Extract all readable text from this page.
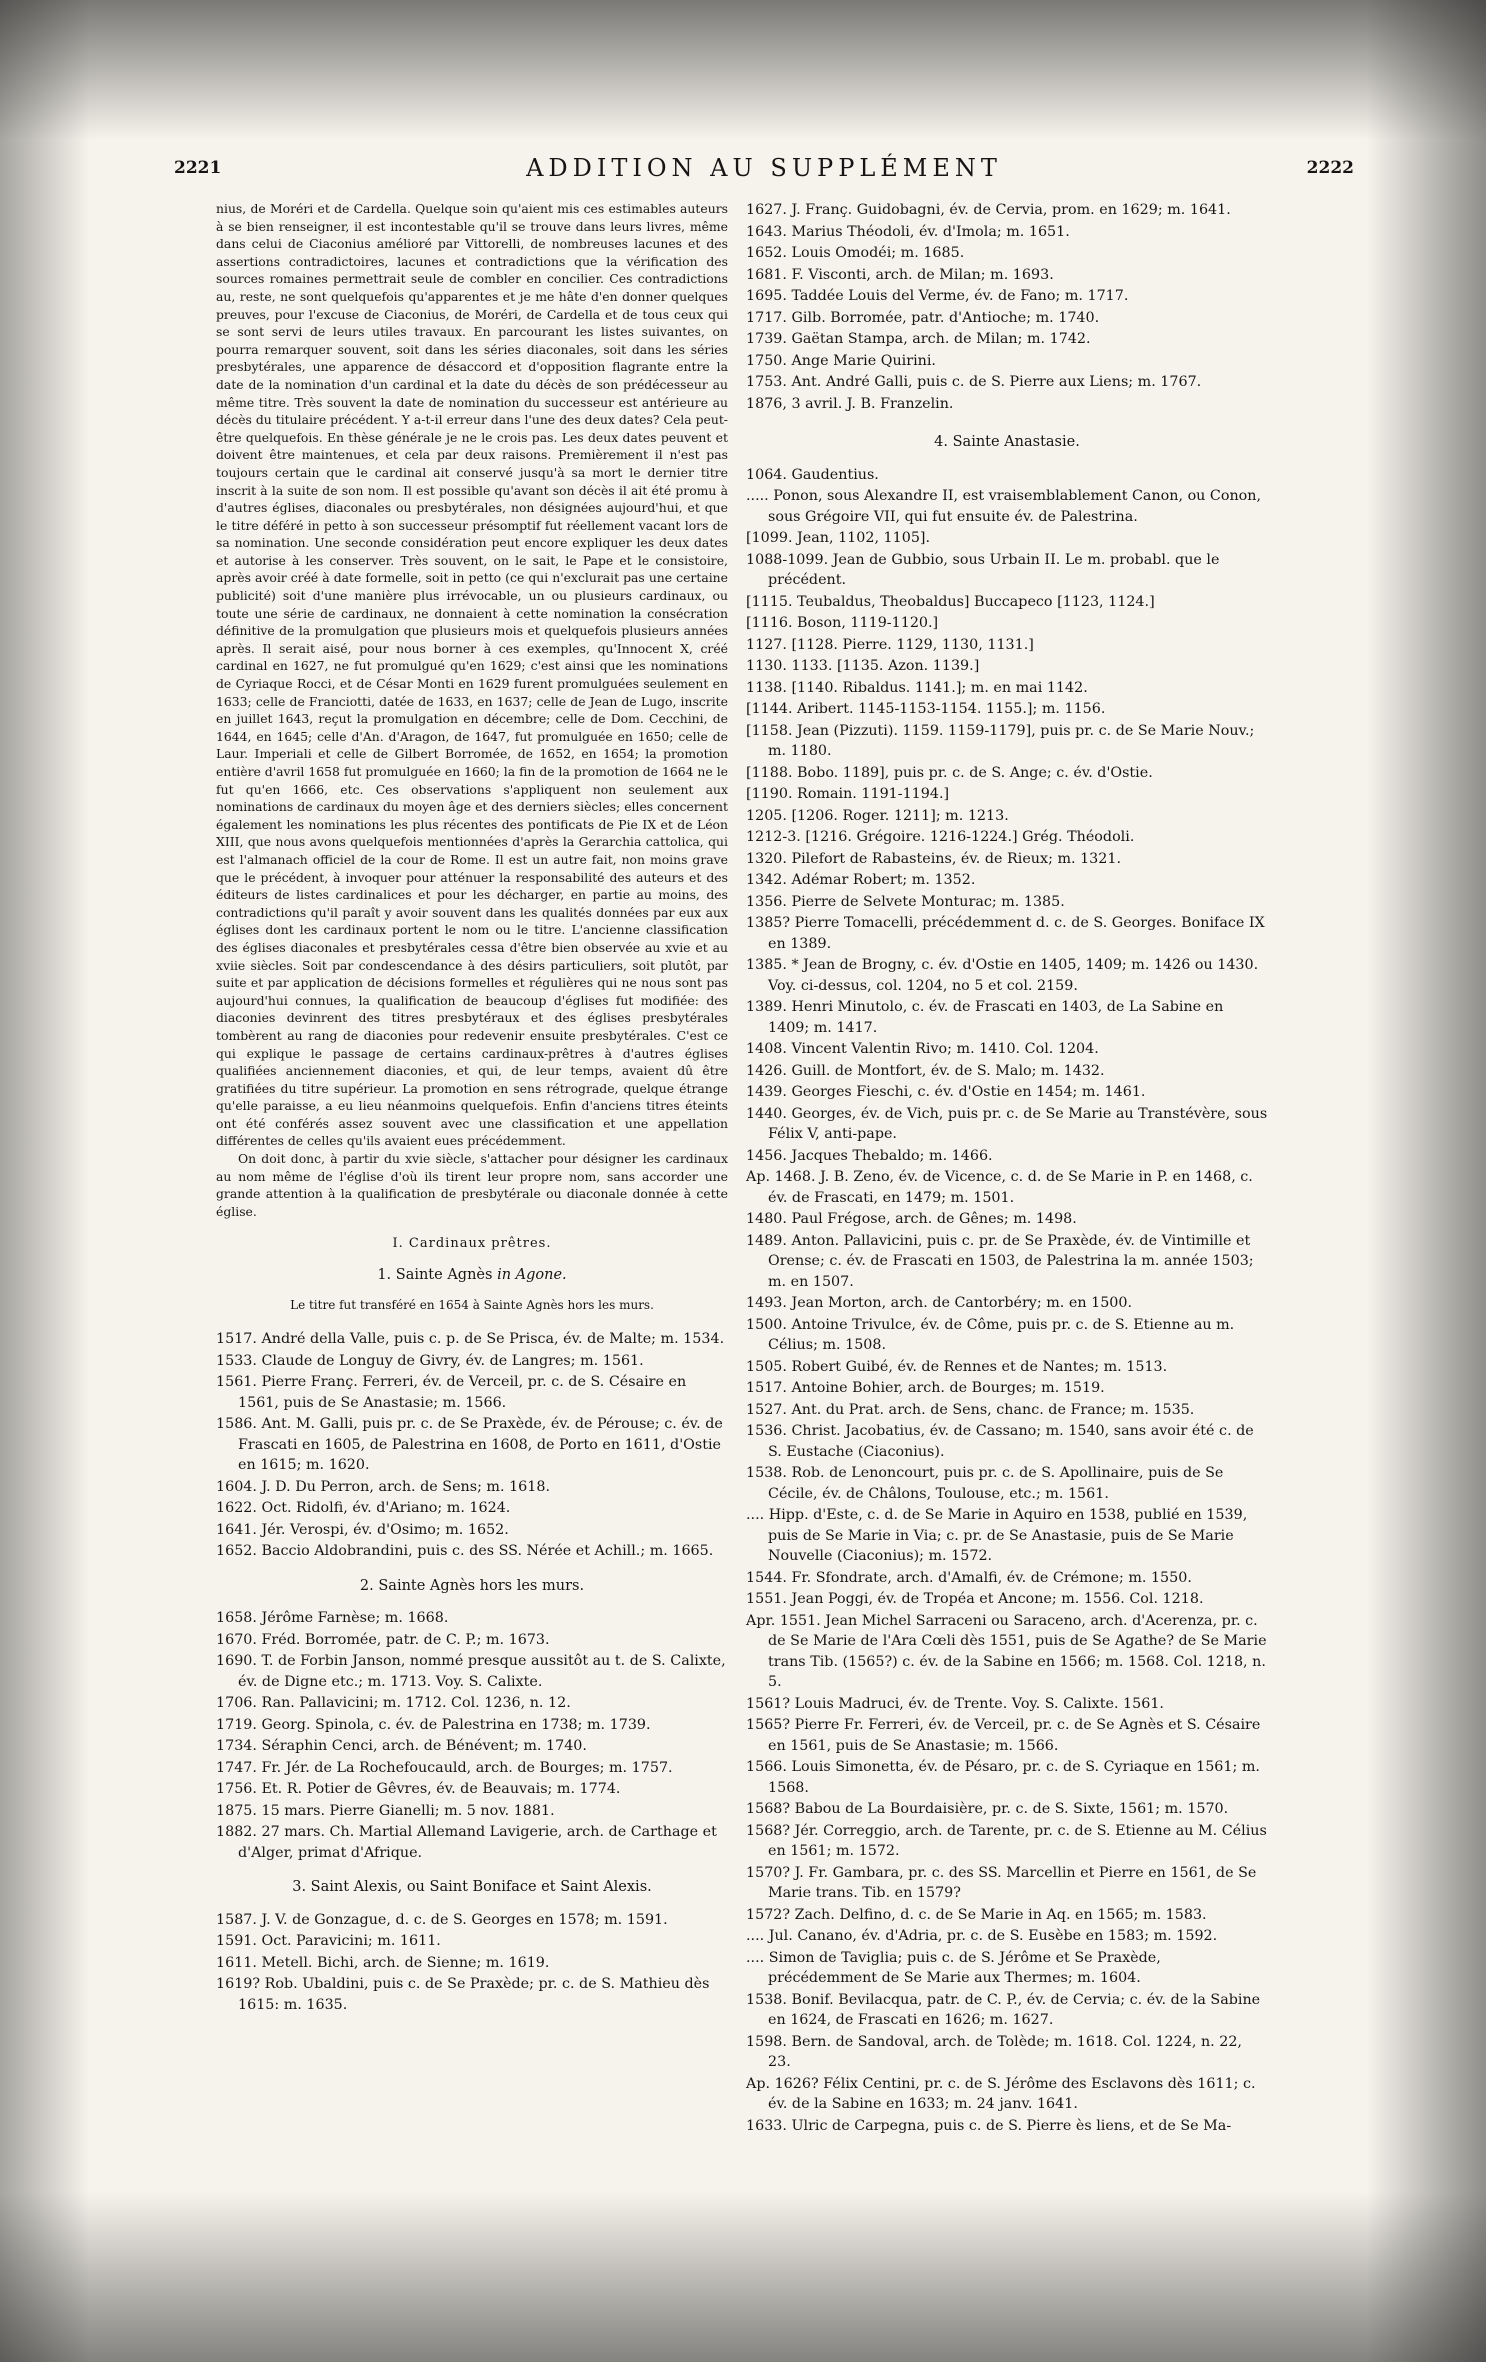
2221	ADDITION AU SUPPLÉMENT	2222

nius, de Moréri et de Cardella. Quelque soin qu'aient mis ces estimables auteurs à se bien renseigner, il est incontestable qu'il se trouve dans leurs livres, même dans celui de Ciaconius amélioré par Vittorelli, de nombreuses lacunes et des assertions contradictoires, lacunes et contradictions que la vérification des sources romaines permettrait seule de combler en concilier. Ces contradictions au, reste, ne sont quelquefois qu'apparentes et je me hâte d'en donner quelques preuves, pour l'excuse de Ciaconius, de Moréri, de Cardella et de tous ceux qui se sont servi de leurs utiles travaux. En parcourant les listes suivantes, on pourra remarquer souvent, soit dans les séries diaconales, soit dans les séries presbytérales, une apparence de désaccord et d'opposition flagrante entre la date de la nomination d'un cardinal et la date du décès de son prédécesseur au même titre. Très souvent la date de nomination du successeur est antérieure au décès du titulaire précédent. Y a-t-il erreur dans l'une des deux dates? Cela peut-être quelquefois. En thèse générale je ne le crois pas. Les deux dates peuvent et doivent être maintenues, et cela par deux raisons. Premièrement il n'est pas toujours certain que le cardinal ait conservé jusqu'à sa mort le dernier titre inscrit à la suite de son nom. Il est possible qu'avant son décès il ait été promu à d'autres églises, diaconales ou presbytérales, non désignées aujourd'hui, et que le titre déféré in petto à son successeur présomptif fut réellement vacant lors de sa nomination. Une seconde considération peut encore expliquer les deux dates et autorise à les conserver. Très souvent, on le sait, le Pape et le consistoire, après avoir créé à date formelle, soit in petto (ce qui n'exclurait pas une certaine publicité) soit d'une manière plus irrévocable, un ou plusieurs cardinaux, ou toute une série de cardinaux, ne donnaient à cette nomination la consécration définitive de la promulgation que plusieurs mois et quelquefois plusieurs années après. Il serait aisé, pour nous borner à ces exemples, qu'Innocent X, créé cardinal en 1627, ne fut promulgué qu'en 1629; c'est ainsi que les nominations de Cyriaque Rocci, et de César Monti en 1629 furent promulguées seulement en 1633; celle de Franciotti, datée de 1633, en 1637; celle de Jean de Lugo, inscrite en juillet 1643, reçut la promulgation en décembre; celle de Dom. Cecchini, de 1644, en 1645; celle d'An. d'Aragon, de 1647, fut promulguée en 1650; celle de Laur. Imperiali et celle de Gilbert Borromée, de 1652, en 1654; la promotion entière d'avril 1658 fut promulguée en 1660; la fin de la promotion de 1664 ne le fut qu'en 1666, etc. Ces observations s'appliquent non seulement aux nominations de cardinaux du moyen âge et des derniers siècles; elles concernent également les nominations les plus récentes des pontificats de Pie IX et de Léon XIII, que nous avons quelquefois mentionnées d'après la Gerarchia cattolica, qui est l'almanach officiel de la cour de Rome. Il est un autre fait, non moins grave que le précédent, à invoquer pour atténuer la responsabilité des auteurs et des éditeurs de listes cardinalices et pour les décharger, en partie au moins, des contradictions qu'il paraît y avoir souvent dans les qualités données par eux aux églises dont les cardinaux portent le nom ou le titre. L'ancienne classification des églises diaconales et presbytérales cessa d'être bien observée au xvie et au xviie siècles. Soit par condescendance à des désirs particuliers, soit plutôt, par suite et par application de décisions formelles et régulières qui ne nous sont pas aujourd'hui connues, la qualification de beaucoup d'églises fut modifiée: des diaconies devinrent des titres presbytéraux et des églises presbytérales tombèrent au rang de diaconies pour redevenir ensuite presbytérales. C'est ce qui explique le passage de certains cardinaux-prêtres à d'autres églises qualifiées anciennement diaconies, et qui, de leur temps, avaient dû être gratifiées du titre supérieur. La promotion en sens rétrograde, quelque étrange qu'elle paraisse, a eu lieu néanmoins quelquefois. Enfin d'anciens titres éteints ont été conférés assez souvent avec une classification et une appellation différentes de celles qu'ils avaient eues précédemment.

On doit donc, à partir du xvie siècle, s'attacher pour désigner les cardinaux au nom même de l'église d'où ils tirent leur propre nom, sans accorder une grande attention à la qualification de presbytérale ou diaconale donnée à cette église.

I. Cardinaux prêtres.
1. Sainte Agnès in Agone.
Le titre fut transféré en 1654 à Sainte Agnès hors les murs.

1517. André della Valle, puis c. p. de Se Prisca, év. de Malte; m. 1534.

1533. Claude de Longuy de Givry, év. de Langres; m. 1561.

1561. Pierre Franç. Ferreri, év. de Verceil, pr. c. de S. Césaire en 1561, puis de Se Anastasie; m. 1566.

1586. Ant. M. Galli, puis pr. c. de Se Praxède, év. de Pérouse; c. év. de Frascati en 1605, de Palestrina en 1608, de Porto en 1611, d'Ostie en 1615; m. 1620.

1604. J. D. Du Perron, arch. de Sens; m. 1618.

1622. Oct. Ridolfi, év. d'Ariano; m. 1624.

1641. Jér. Verospi, év. d'Osimo; m. 1652.

1652. Baccio Aldobrandini, puis c. des SS. Nérée et Achill.; m. 1665.

2. Sainte Agnès hors les murs.

1658. Jérôme Farnèse; m. 1668.

1670. Fréd. Borromée, patr. de C. P.; m. 1673.

1690. T. de Forbin Janson, nommé presque aussitôt au t. de S. Calixte, év. de Digne etc.; m. 1713. Voy. S. Calixte.

1706. Ran. Pallavicini; m. 1712. Col. 1236, n. 12.

1719. Georg. Spinola, c. év. de Palestrina en 1738; m. 1739.

1734. Séraphin Cenci, arch. de Bénévent; m. 1740.

1747. Fr. Jér. de La Rochefoucauld, arch. de Bourges; m. 1757.

1756. Et. R. Potier de Gêvres, év. de Beauvais; m. 1774.

1875. 15 mars. Pierre Gianelli; m. 5 nov. 1881.

1882. 27 mars. Ch. Martial Allemand Lavigerie, arch. de Carthage et d'Alger, primat d'Afrique.

3. Saint Alexis, ou Saint Boniface et Saint Alexis.

1587. J. V. de Gonzague, d. c. de S. Georges en 1578; m. 1591.

1591. Oct. Paravicini; m. 1611.

1611. Metell. Bichi, arch. de Sienne; m. 1619.

1619? Rob. Ubaldini, puis c. de Se Praxède; pr. c. de S. Mathieu dès 1615: m. 1635.

1627. J. Franç. Guidobagni, év. de Cervia, prom. en 1629; m. 1641.

1643. Marius Théodoli, év. d'Imola; m. 1651.

1652. Louis Omodéi; m. 1685.

1681. F. Visconti, arch. de Milan; m. 1693.

1695. Taddée Louis del Verme, év. de Fano; m. 1717.

1717. Gilb. Borromée, patr. d'Antioche; m. 1740.

1739. Gaëtan Stampa, arch. de Milan; m. 1742.

1750. Ange Marie Quirini.

1753. Ant. André Galli, puis c. de S. Pierre aux Liens; m. 1767.

1876, 3 avril. J. B. Franzelin.

4. Sainte Anastasie.

1064. Gaudentius.

..... Ponon, sous Alexandre II, est vraisemblablement Canon, ou Conon, sous Grégoire VII, qui fut ensuite év. de Palestrina.

[1099. Jean, 1102, 1105].

1088-1099. Jean de Gubbio, sous Urbain II. Le m. probabl. que le précédent.

[1115. Teubaldus, Theobaldus] Buccapeco [1123, 1124.]

[1116. Boson, 1119-1120.]

1127. [1128. Pierre. 1129, 1130, 1131.]

1130. 1133. [1135. Azon. 1139.]

1138. [1140. Ribaldus. 1141.]; m. en mai 1142.

[1144. Aribert. 1145-1153-1154. 1155.]; m. 1156.

[1158. Jean (Pizzuti). 1159. 1159-1179], puis pr. c. de Se Marie Nouv.; m. 1180.

[1188. Bobo. 1189], puis pr. c. de S. Ange; c. év. d'Ostie.

[1190. Romain. 1191-1194.]

1205. [1206. Roger. 1211]; m. 1213.

1212-3. [1216. Grégoire. 1216-1224.] Grég. Théodoli.

1320. Pilefort de Rabasteins, év. de Rieux; m. 1321.

1342. Adémar Robert; m. 1352.

1356. Pierre de Selvete Monturac; m. 1385.

1385? Pierre Tomacelli, précédemment d. c. de S. Georges. Boniface IX en 1389.

1385. * Jean de Brogny, c. év. d'Ostie en 1405, 1409; m. 1426 ou 1430. Voy. ci-dessus, col. 1204, no 5 et col. 2159.

1389. Henri Minutolo, c. év. de Frascati en 1403, de La Sabine en 1409; m. 1417.

1408. Vincent Valentin Rivo; m. 1410. Col. 1204.

1426. Guill. de Montfort, év. de S. Malo; m. 1432.

1439. Georges Fieschi, c. év. d'Ostie en 1454; m. 1461.

1440. Georges, év. de Vich, puis pr. c. de Se Marie au Transtévère, sous Félix V, anti-pape.

1456. Jacques Thebaldo; m. 1466.

Ap. 1468. J. B. Zeno, év. de Vicence, c. d. de Se Marie in P. en 1468, c. év. de Frascati, en 1479; m. 1501.

1480. Paul Frégose, arch. de Gênes; m. 1498.

1489. Anton. Pallavicini, puis c. pr. de Se Praxède, év. de Vintimille et Orense; c. év. de Frascati en 1503, de Palestrina la m. année 1503; m. en 1507.

1493. Jean Morton, arch. de Cantorbéry; m. en 1500.

1500. Antoine Trivulce, év. de Côme, puis pr. c. de S. Etienne au m. Célius; m. 1508.

1505. Robert Guibé, év. de Rennes et de Nantes; m. 1513.

1517. Antoine Bohier, arch. de Bourges; m. 1519.

1527. Ant. du Prat. arch. de Sens, chanc. de France; m. 1535.

1536. Christ. Jacobatius, év. de Cassano; m. 1540, sans avoir été c. de S. Eustache (Ciaconius).

1538. Rob. de Lenoncourt, puis pr. c. de S. Apollinaire, puis de Se Cécile, év. de Châlons, Toulouse, etc.; m. 1561.

.... Hipp. d'Este, c. d. de Se Marie in Aquiro en 1538, publié en 1539, puis de Se Marie in Via; c. pr. de Se Anastasie, puis de Se Marie Nouvelle (Ciaconius); m. 1572.

1544. Fr. Sfondrate, arch. d'Amalfi, év. de Crémone; m. 1550.

1551. Jean Poggi, év. de Tropéa et Ancone; m. 1556. Col. 1218.

Apr. 1551. Jean Michel Sarraceni ou Saraceno, arch. d'Acerenza, pr. c. de Se Marie de l'Ara Cœli dès 1551, puis de Se Agathe? de Se Marie trans Tib. (1565?) c. év. de la Sabine en 1566; m. 1568. Col. 1218, n. 5.

1561? Louis Madruci, év. de Trente. Voy. S. Calixte. 1561.

1565? Pierre Fr. Ferreri, év. de Verceil, pr. c. de Se Agnès et S. Césaire en 1561, puis de Se Anastasie; m. 1566.

1566. Louis Simonetta, év. de Pésaro, pr. c. de S. Cyriaque en 1561; m. 1568.

1568? Babou de La Bourdaisière, pr. c. de S. Sixte, 1561; m. 1570.

1568? Jér. Correggio, arch. de Tarente, pr. c. de S. Etienne au M. Célius en 1561; m. 1572.

1570? J. Fr. Gambara, pr. c. des SS. Marcellin et Pierre en 1561, de Se Marie trans. Tib. en 1579?

1572? Zach. Delfino, d. c. de Se Marie in Aq. en 1565; m. 1583.

.... Jul. Canano, év. d'Adria, pr. c. de S. Eusèbe en 1583; m. 1592.

.... Simon de Taviglia; puis c. de S. Jérôme et Se Praxède, précédemment de Se Marie aux Thermes; m. 1604.

1538. Bonif. Bevilacqua, patr. de C. P., év. de Cervia; c. év. de la Sabine en 1624, de Frascati en 1626; m. 1627.

1598. Bern. de Sandoval, arch. de Tolède; m. 1618. Col. 1224, n. 22, 23.

Ap. 1626? Félix Centini, pr. c. de S. Jérôme des Esclavons dès 1611; c. év. de la Sabine en 1633; m. 24 janv. 1641.

1633. Ulric de Carpegna, puis c. de S. Pierre ès liens, et de Se Ma-
